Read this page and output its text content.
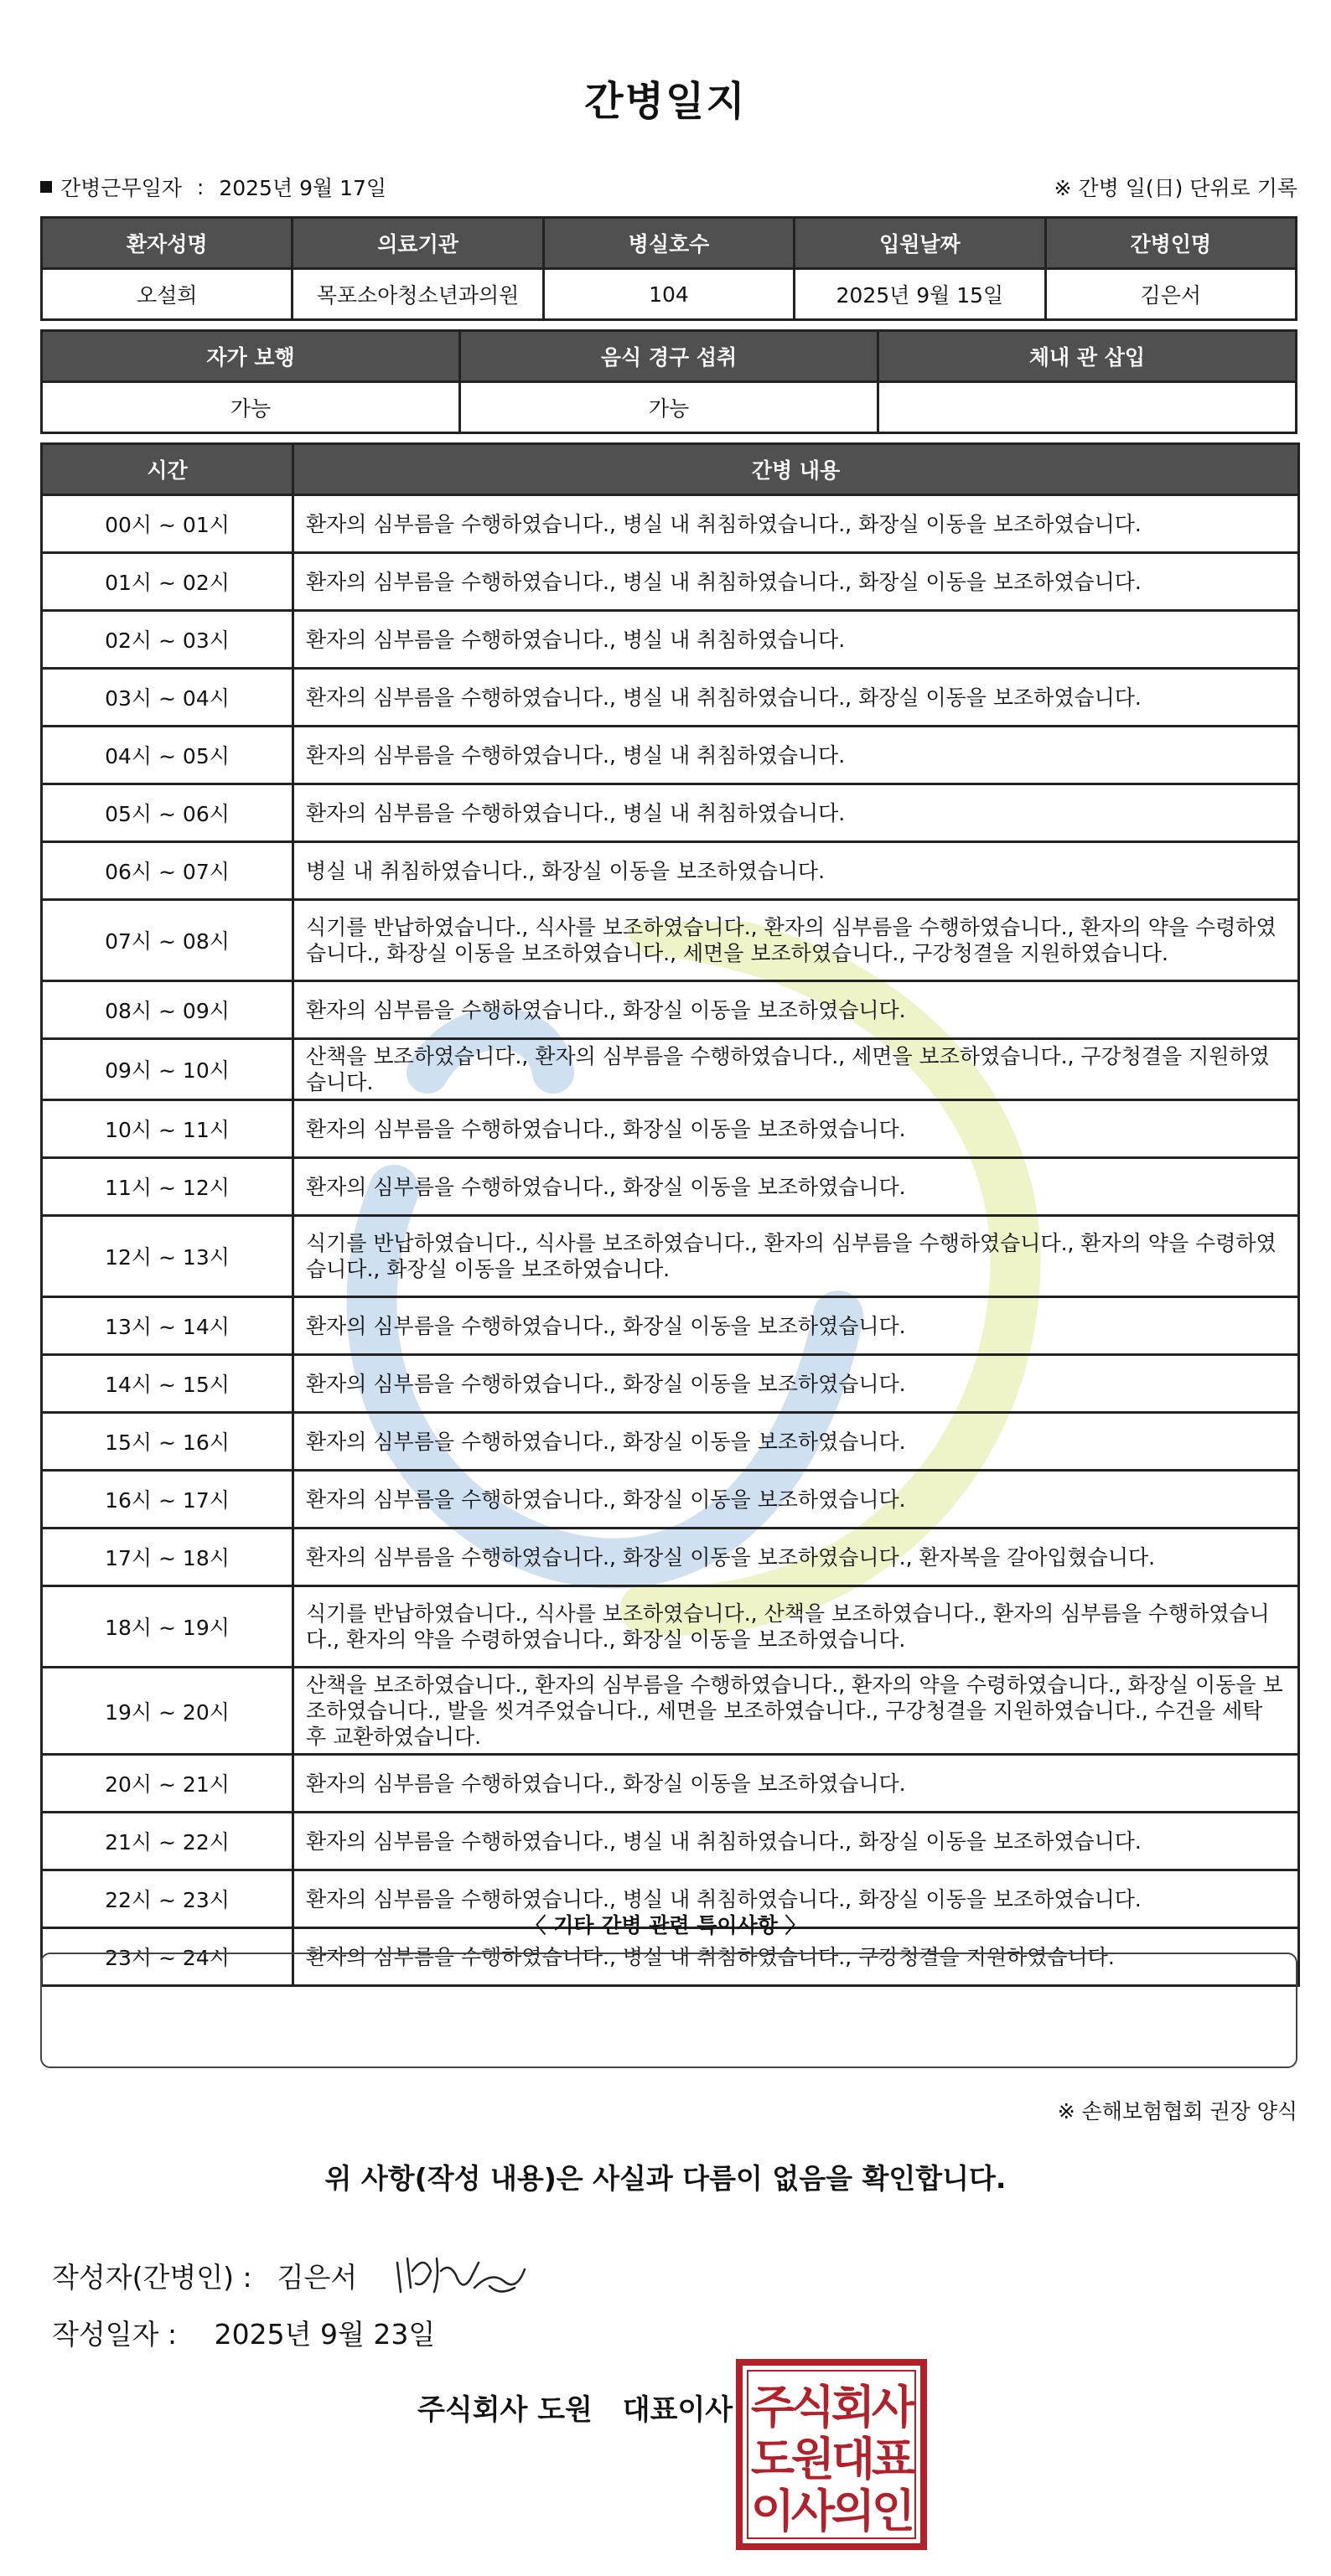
간병일지
간병근무일자 : 2025년 9월 17일	※ 간병 일(日) 단위로 기록
환자성명	의료기관	병실호수	입원날짜	간병인명
오설희	목포소아청소년과의원	104	2025년 9월 15일	김은서
자가 보행	음식 경구 섭취	체내 관 삽입
가능	가능	
시간	간병 내용
00시 ~ 01시	환자의 심부름을 수행하였습니다., 병실 내 취침하였습니다., 화장실 이동을 보조하였습니다.
01시 ~ 02시	환자의 심부름을 수행하였습니다., 병실 내 취침하였습니다., 화장실 이동을 보조하였습니다.
02시 ~ 03시	환자의 심부름을 수행하였습니다., 병실 내 취침하였습니다.
03시 ~ 04시	환자의 심부름을 수행하였습니다., 병실 내 취침하였습니다., 화장실 이동을 보조하였습니다.
04시 ~ 05시	환자의 심부름을 수행하였습니다., 병실 내 취침하였습니다.
05시 ~ 06시	환자의 심부름을 수행하였습니다., 병실 내 취침하였습니다.
06시 ~ 07시	병실 내 취침하였습니다., 화장실 이동을 보조하였습니다.
07시 ~ 08시	식기를 반납하였습니다., 식사를 보조하였습니다., 환자의 심부름을 수행하였습니다., 환자의 약을 수령하였습니다., 화장실 이동을 보조하였습니다., 세면을 보조하였습니다., 구강청결을 지원하였습니다.
08시 ~ 09시	환자의 심부름을 수행하였습니다., 화장실 이동을 보조하였습니다.
09시 ~ 10시	산책을 보조하였습니다., 환자의 심부름을 수행하였습니다., 세면을 보조하였습니다., 구강청결을 지원하였습니다.
10시 ~ 11시	환자의 심부름을 수행하였습니다., 화장실 이동을 보조하였습니다.
11시 ~ 12시	환자의 심부름을 수행하였습니다., 화장실 이동을 보조하였습니다.
12시 ~ 13시	식기를 반납하였습니다., 식사를 보조하였습니다., 환자의 심부름을 수행하였습니다., 환자의 약을 수령하였습니다., 화장실 이동을 보조하였습니다.
13시 ~ 14시	환자의 심부름을 수행하였습니다., 화장실 이동을 보조하였습니다.
14시 ~ 15시	환자의 심부름을 수행하였습니다., 화장실 이동을 보조하였습니다.
15시 ~ 16시	환자의 심부름을 수행하였습니다., 화장실 이동을 보조하였습니다.
16시 ~ 17시	환자의 심부름을 수행하였습니다., 화장실 이동을 보조하였습니다.
17시 ~ 18시	환자의 심부름을 수행하였습니다., 화장실 이동을 보조하였습니다., 환자복을 갈아입혔습니다.
18시 ~ 19시	식기를 반납하였습니다., 식사를 보조하였습니다., 산책을 보조하였습니다., 환자의 심부름을 수행하였습니다., 환자의 약을 수령하였습니다., 화장실 이동을 보조하였습니다.
19시 ~ 20시	산책을 보조하였습니다., 환자의 심부름을 수행하였습니다., 환자의 약을 수령하였습니다., 화장실 이동을 보조하였습니다., 발을 씻겨주었습니다., 세면을 보조하였습니다., 구강청결을 지원하였습니다., 수건을 세탁 후 교환하였습니다.
20시 ~ 21시	환자의 심부름을 수행하였습니다., 화장실 이동을 보조하였습니다.
21시 ~ 22시	환자의 심부름을 수행하였습니다., 병실 내 취침하였습니다., 화장실 이동을 보조하였습니다.
22시 ~ 23시	환자의 심부름을 수행하였습니다., 병실 내 취침하였습니다., 화장실 이동을 보조하였습니다.
23시 ~ 24시	환자의 심부름을 수행하였습니다., 병실 내 취침하였습니다., 구강청결을 지원하였습니다.
〈 기타 간병 관련 특이사항 〉
※ 손해보험협회 권장 양식
위 사항(작성 내용)은 사실과 다름이 없음을 확인합니다.
작성자(간병인) : 김은서
작성일자 : 2025년 9월 23일
주식회사 도원 대표이사 주
식
회
사
도
원
대
표
이
사
의
인
